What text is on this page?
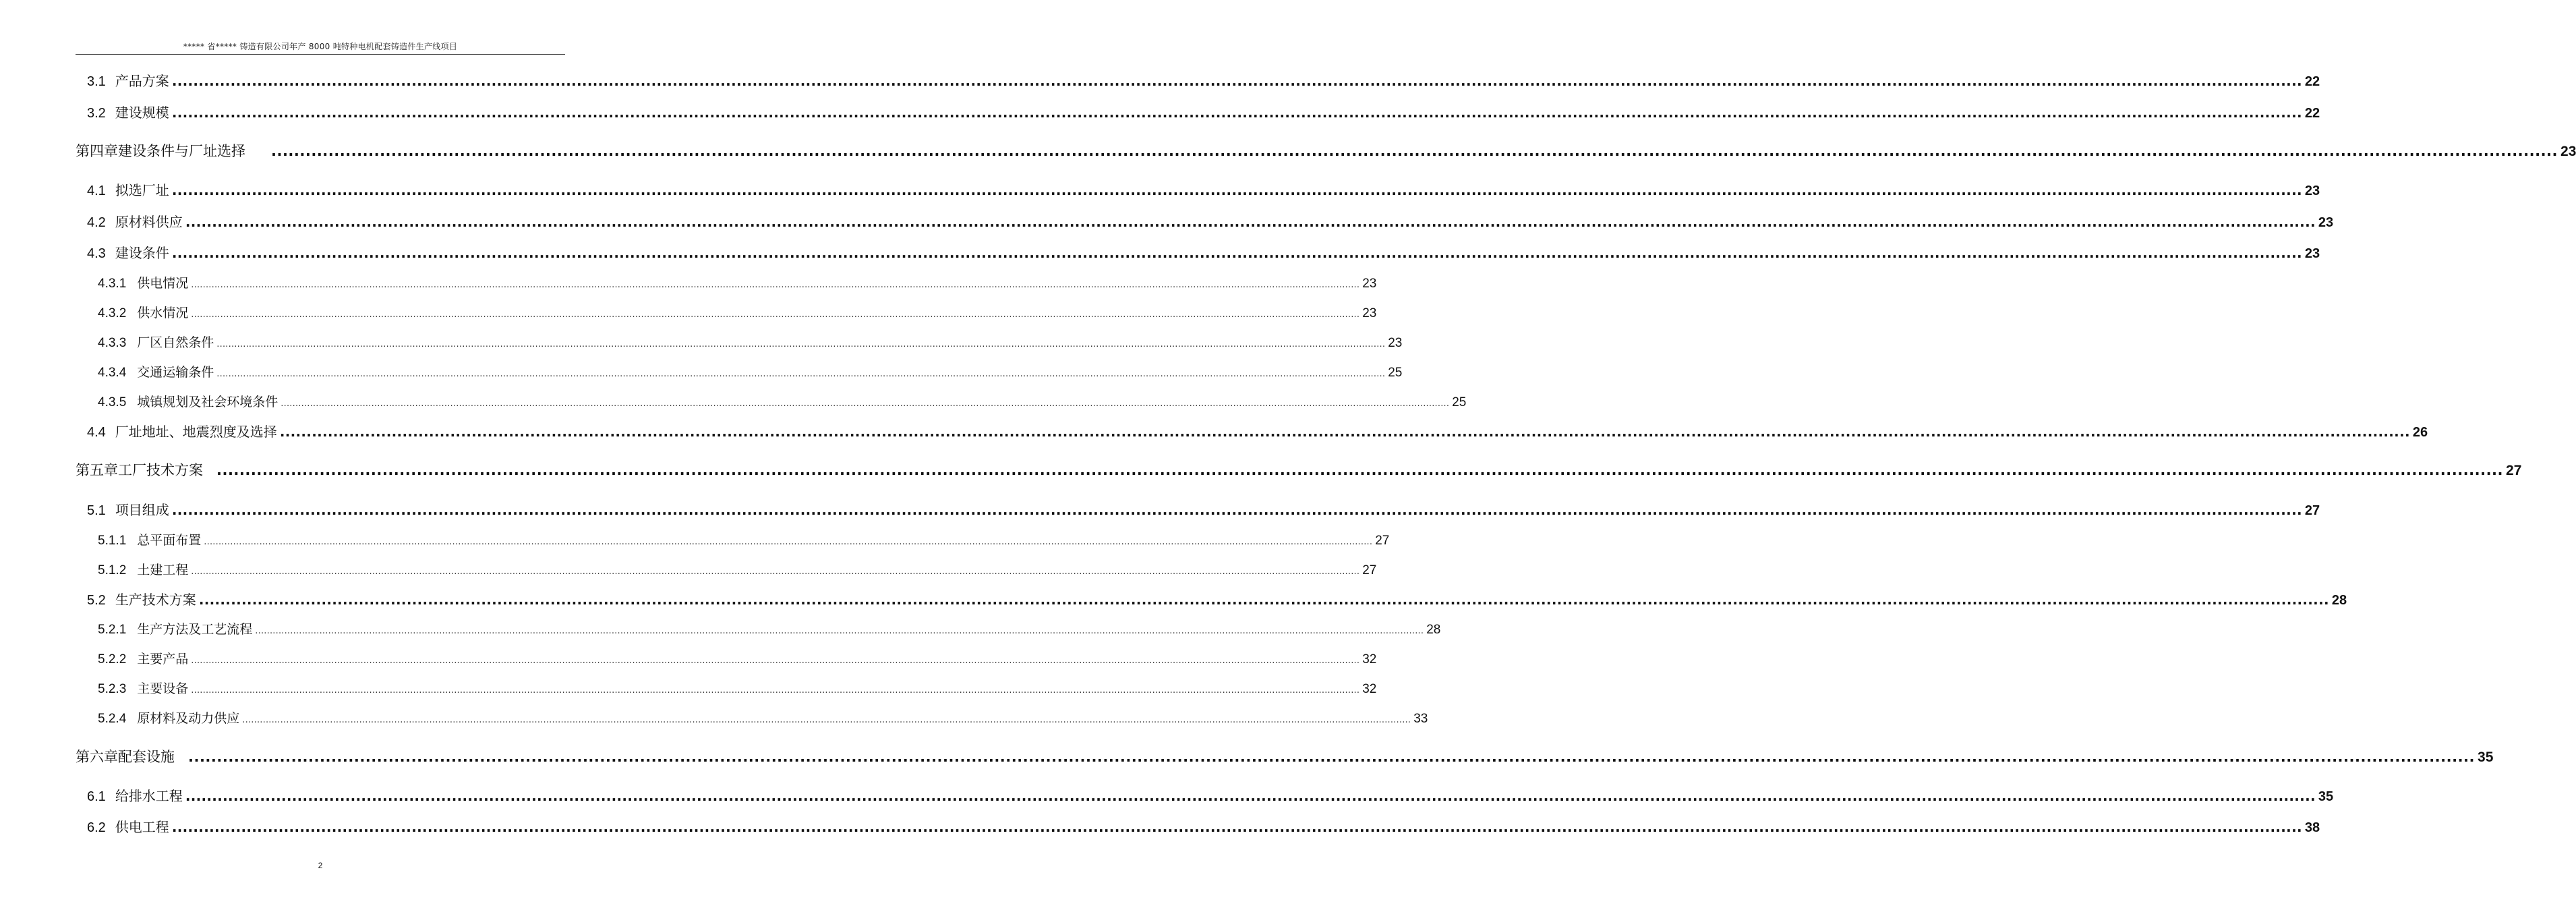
***** 省***** 铸造有限公司年产 8000 吨特种电机配套铸造件生产线项目
3.1 产品方案 ................................................................................................................................................................................................................................................................................................................................................................................................................ 22
3.2 建设规模 ................................................................................................................................................................................................................................................................................................................................................................................................................ 22
第四章建设条件与厂址选择 ................................................................................................................................................................................................................................................................................................................................................................................................................ 23
4.1 拟选厂址 ................................................................................................................................................................................................................................................................................................................................................................................................................ 23
4.2 原材料供应 ................................................................................................................................................................................................................................................................................................................................................................................................................ 23
4.3 建设条件 ................................................................................................................................................................................................................................................................................................................................................................................................................ 23
4.3.1 供电情况 ................................................................................................................................................................................................................................................................................................................................................................................................................ 23
4.3.2 供水情况 ................................................................................................................................................................................................................................................................................................................................................................................................................ 23
4.3.3 厂区自然条件 ................................................................................................................................................................................................................................................................................................................................................................................................................ 23
4.3.4 交通运输条件 ................................................................................................................................................................................................................................................................................................................................................................................................................ 25
4.3.5 城镇规划及社会环境条件 ................................................................................................................................................................................................................................................................................................................................................................................................................ 25
4.4 厂址地址、地震烈度及选择 ................................................................................................................................................................................................................................................................................................................................................................................................................ 26
第五章 工厂技术方案 ................................................................................................................................................................................................................................................................................................................................................................................................................ 27
5.1 项目组成 ................................................................................................................................................................................................................................................................................................................................................................................................................ 27
5.1.1 总平面布置 ................................................................................................................................................................................................................................................................................................................................................................................................................ 27
5.1.2 土建工程 ................................................................................................................................................................................................................................................................................................................................................................................................................ 27
5.2 生产技术方案 ................................................................................................................................................................................................................................................................................................................................................................................................................ 28
5.2.1 生产方法及工艺流程 ................................................................................................................................................................................................................................................................................................................................................................................................................ 28
5.2.2 主要产品 ................................................................................................................................................................................................................................................................................................................................................................................................................ 32
5.2.3 主要设备 ................................................................................................................................................................................................................................................................................................................................................................................................................ 32
5.2.4 原材料及动力供应 ................................................................................................................................................................................................................................................................................................................................................................................................................ 33
第六章 配套设施 ................................................................................................................................................................................................................................................................................................................................................................................................................ 35
6.1 给排水工程 ................................................................................................................................................................................................................................................................................................................................................................................................................ 35
6.2 供电工程 ................................................................................................................................................................................................................................................................................................................................................................................................................ 38
2
